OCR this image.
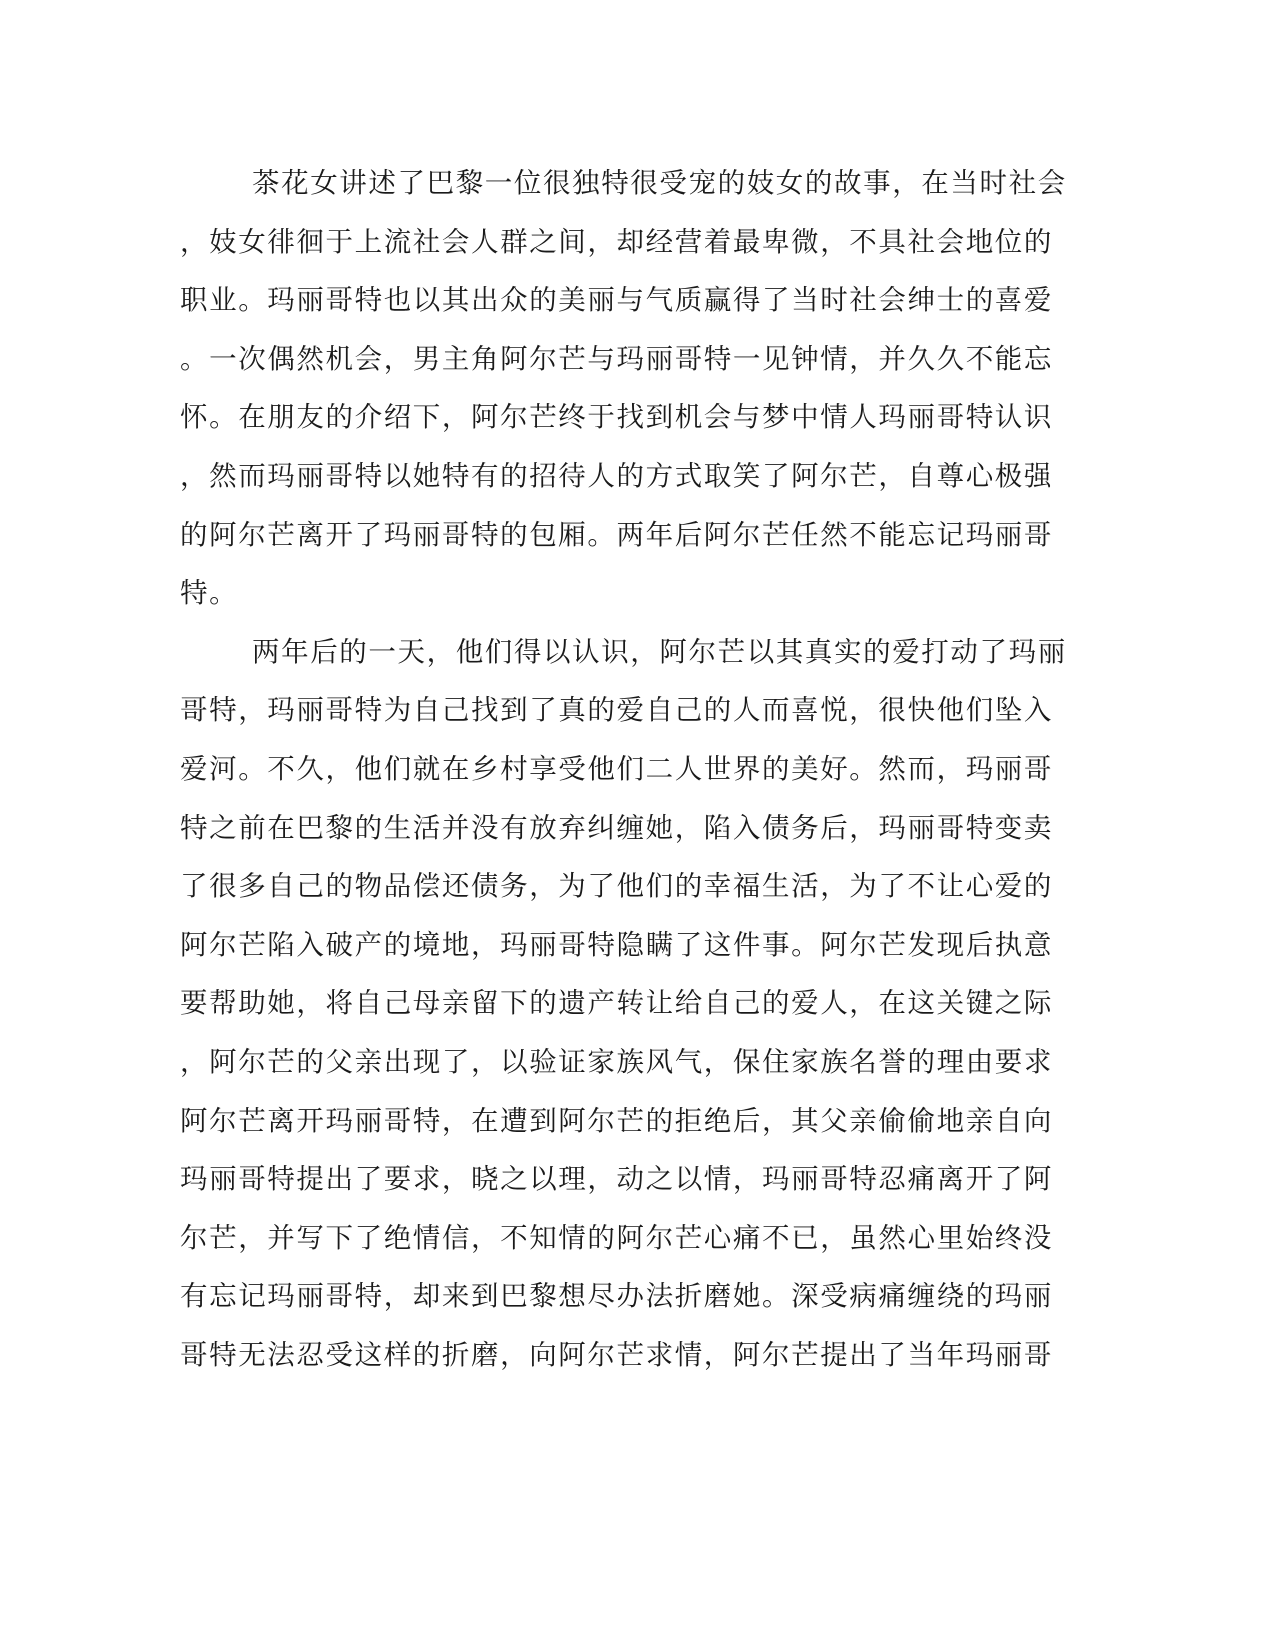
茶花女讲述了巴黎一位很独特很受宠的妓女的故事，在当时社会
，妓女徘徊于上流社会人群之间，却经营着最卑微，不具社会地位的
职业。玛丽哥特也以其出众的美丽与气质赢得了当时社会绅士的喜爱
。一次偶然机会，男主角阿尔芒与玛丽哥特一见钟情，并久久不能忘
怀。在朋友的介绍下，阿尔芒终于找到机会与梦中情人玛丽哥特认识
，然而玛丽哥特以她特有的招待人的方式取笑了阿尔芒，自尊心极强
的阿尔芒离开了玛丽哥特的包厢。两年后阿尔芒任然不能忘记玛丽哥
特。
两年后的一天，他们得以认识，阿尔芒以其真实的爱打动了玛丽
哥特，玛丽哥特为自己找到了真的爱自己的人而喜悦，很快他们坠入
爱河。不久，他们就在乡村享受他们二人世界的美好。然而，玛丽哥
特之前在巴黎的生活并没有放弃纠缠她，陷入债务后，玛丽哥特变卖
了很多自己的物品偿还债务，为了他们的幸福生活，为了不让心爱的
阿尔芒陷入破产的境地，玛丽哥特隐瞒了这件事。阿尔芒发现后执意
要帮助她，将自己母亲留下的遗产转让给自己的爱人，在这关键之际
，阿尔芒的父亲出现了，以验证家族风气，保住家族名誉的理由要求
阿尔芒离开玛丽哥特，在遭到阿尔芒的拒绝后，其父亲偷偷地亲自向
玛丽哥特提出了要求，晓之以理，动之以情，玛丽哥特忍痛离开了阿
尔芒，并写下了绝情信，不知情的阿尔芒心痛不已，虽然心里始终没
有忘记玛丽哥特，却来到巴黎想尽办法折磨她。深受病痛缠绕的玛丽
哥特无法忍受这样的折磨，向阿尔芒求情，阿尔芒提出了当年玛丽哥
